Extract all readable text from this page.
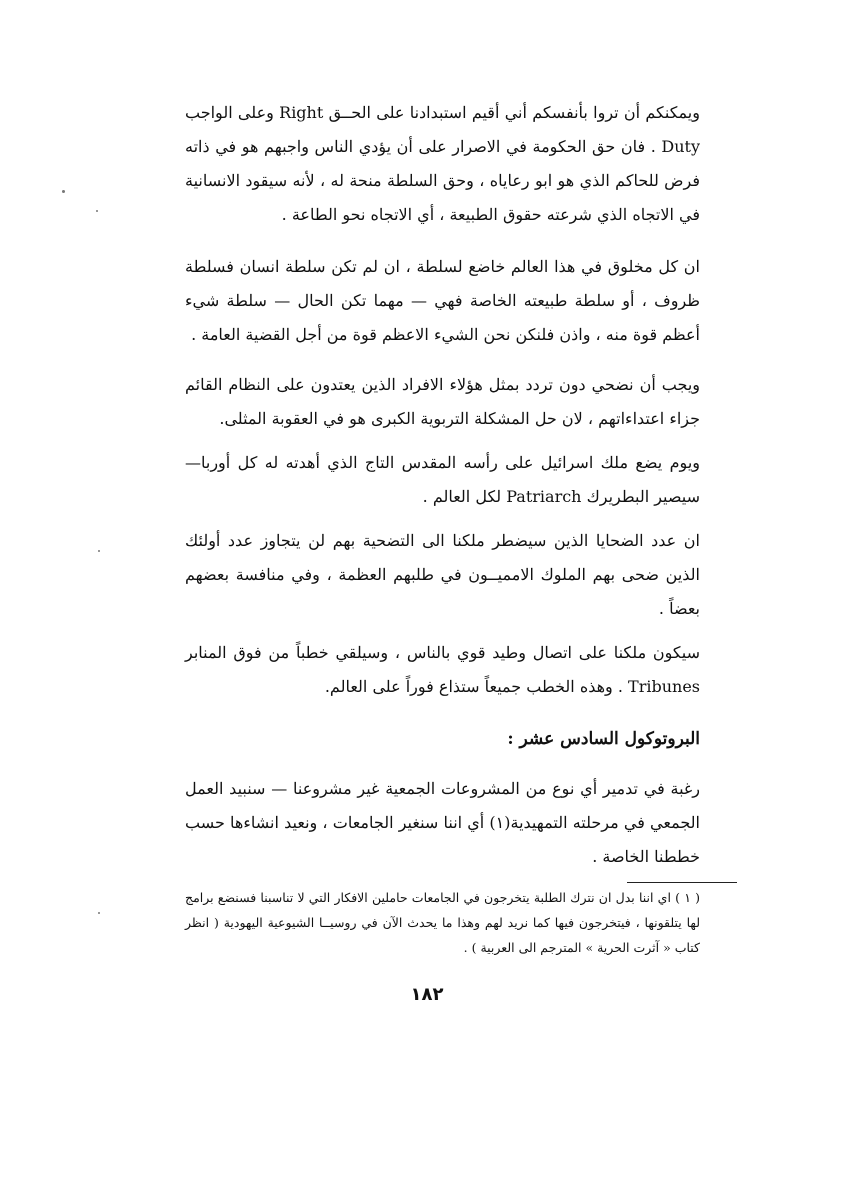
ويمكنكم أن تروا بأنفسكم أني أقيم استبدادنا على الحــق Right وعلى الواجب Duty . فان حق الحكومة في الاصرار على أن يؤدي الناس واجبهم هو في ذاته فرض للحاكم الذي هو ابو رعاياه ، وحق السلطة منحة له ، لأنه سيقود الانسانية في الاتجاه الذي شرعته حقوق الطبيعة ، أي الاتجاه نحو الطاعة .

ان كل مخلوق في هذا العالم خاضع لسلطة ، ان لم تكن سلطة انسان فسلطة ظروف ، أو سلطة طبيعته الخاصة فهي — مهما تكن الحال — سلطة شيء أعظم قوة منه ، واذن فلنكن نحن الشيء الاعظم قوة من أجل القضية العامة .

ويجب أن نضحي دون تردد بمثل هؤلاء الافراد الذين يعتدون على النظام القائم جزاء اعتداءاتهم ، لان حل المشكلة التربوية الكبرى هو في العقوبة المثلى.

ويوم يضع ملك اسرائيل على رأسه المقدس التاج الذي أهدته له كل أوربا— سيصير البطريرك Patriarch لكل العالم .

ان عدد الضحايا الذين سيضطر ملكنا الى التضحية بهم لن يتجاوز عدد أولئك الذين ضحى بهم الملوك الامميــون في طلبهم العظمة ، وفي منافسة بعضهم بعضاً .

سيكون ملكنا على اتصال وطيد قوي بالناس ، وسيلقي خطباً من فوق المنابر Tribunes . وهذه الخطب جميعاً ستذاع فوراً على العالم.

البروتوكول السادس عشر :

رغبة في تدمير أي نوع من المشروعات الجمعية غير مشروعنا — سنبيد العمل الجمعي في مرحلته التمهيدية(١) أي اننا سنغير الجامعات ، ونعيد انشاءها حسب خططنا الخاصة .

( ١ ) اي اننا بدل ان نترك الطلبة يتخرجون في الجامعات حاملين الافكار التي لا تناسبنا فسنضع برامج لها يتلقونها ، فيتخرجون فيها كما نريد لهم وهذا ما يحدث الآن في روسيــا الشيوعية اليهودية ( انظر كتاب « آثرت الحرية » المترجم الى العربية ) .

١٨٢
